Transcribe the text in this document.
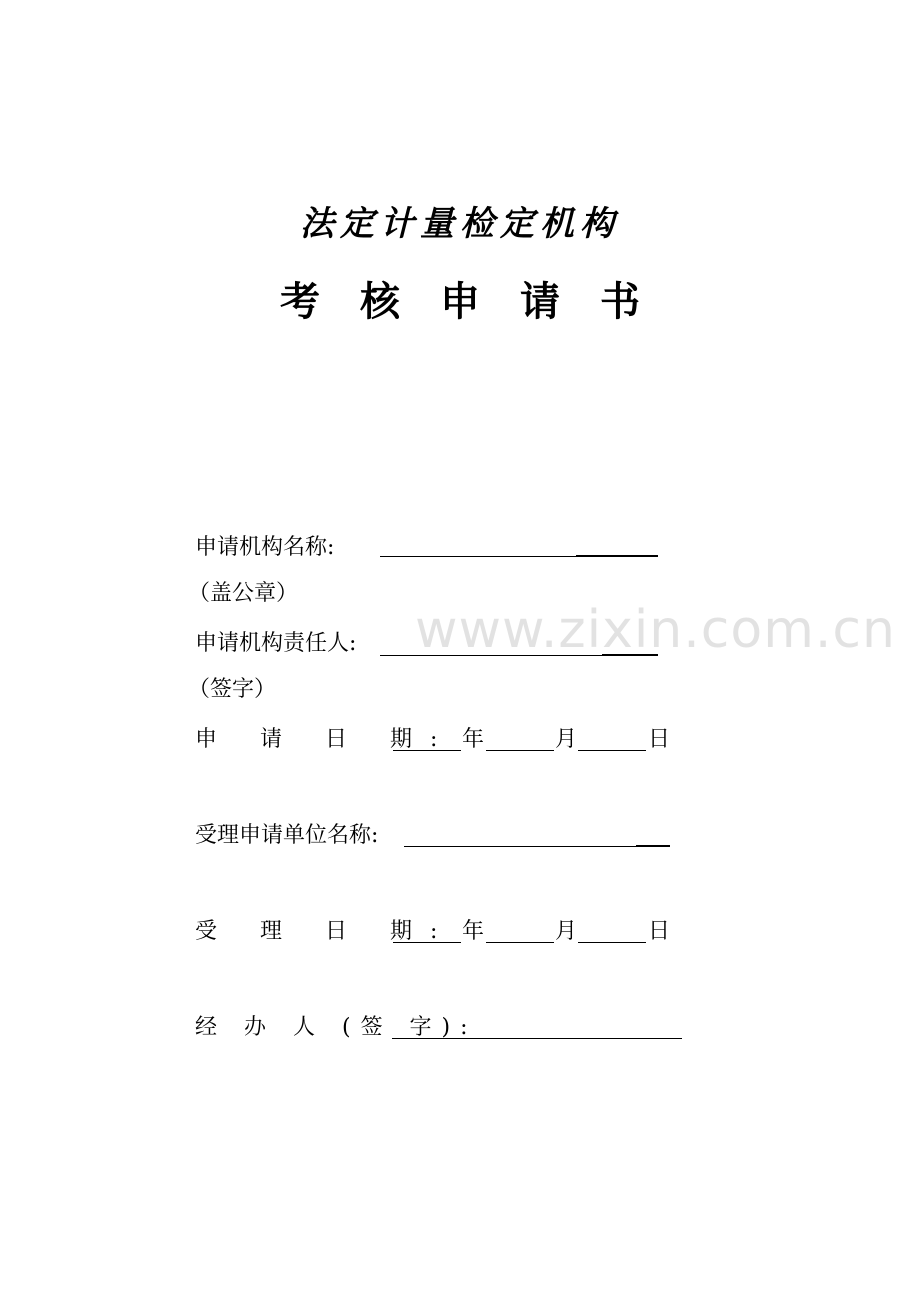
法定计量检定机构
考核申请书
www.zixin.com.cn
申请机构名称:
（盖公章）
申请机构责任人:
（签字）
申 请 日 期: 年	月	日
受理申请单位名称:
受 理 日 期: 年	月	日
经 办 人 (签 字):
